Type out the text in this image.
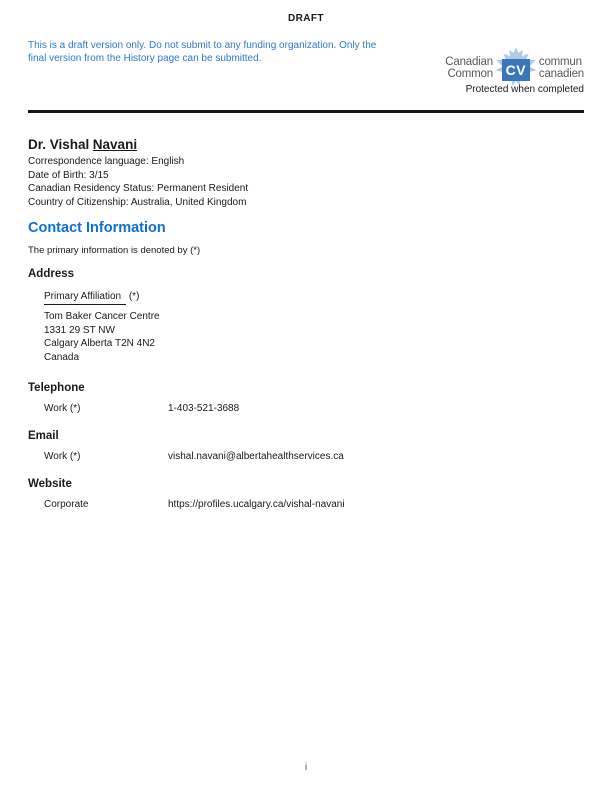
DRAFT
This is a draft version only. Do not submit to any funding organization. Only the
final version from the History page can be submitted.	Canadian
Common CV	commun
canadien
Protected when completed
Dr. Vishal Navani
Correspondence language: English
Date of Birth: 3/15
Canadian Residency Status: Permanent Resident
Country of Citizenship: Australia, United Kingdom
Contact Information
The primary information is denoted by (*)
Address
Primary Affiliation (*)
Tom Baker Cancer Centre
1331 29 ST NW
Calgary Alberta T2N 4N2
Canada
Telephone
Work (*)	1-403-521-3688
Email
Work (*)	vishal.navani@albertahealthservices.ca
Website
Corporate	https://profiles.ucalgary.ca/vishal-navani
i
